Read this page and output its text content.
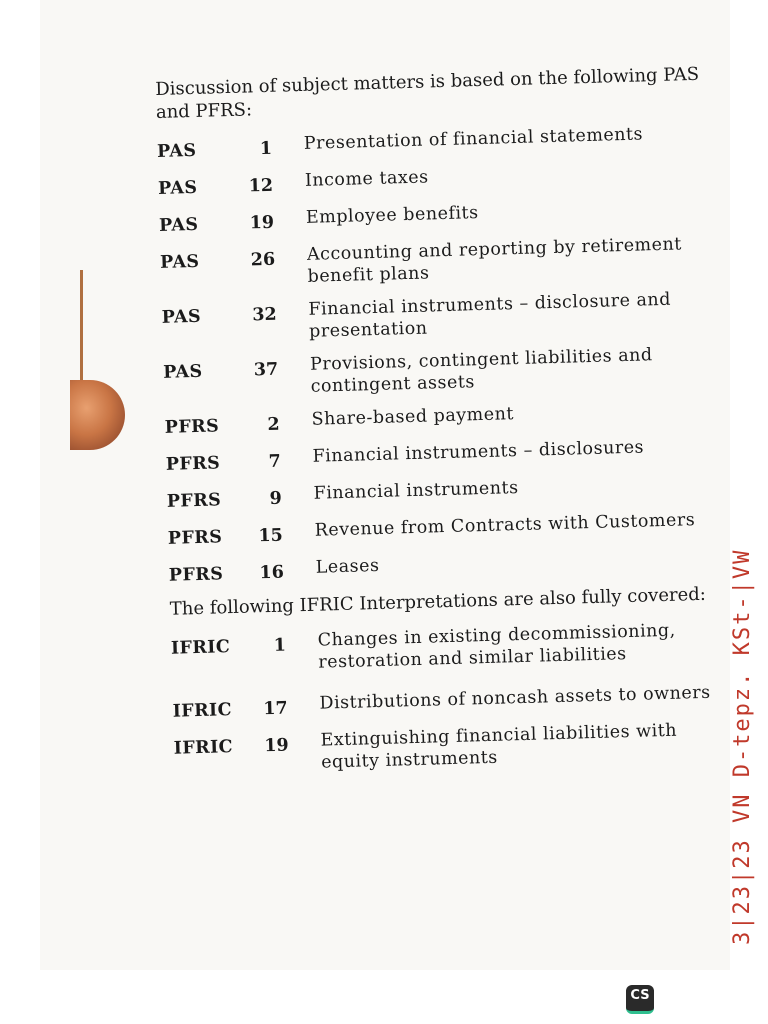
Discussion of subject matters is based on the following PAS and PFRS:

PAS	1 Presentation of financial statements
PAS	12 Income taxes
PAS	19 Employee benefits
PAS	26 Accounting and reporting by retirement benefit plans
PAS	32 Financial instruments – disclosure and presentation
PAS	37 Provisions, contingent liabilities and contingent assets
PFRS	2 Share-based payment
PFRS	7 Financial instruments – disclosures
PFRS	9 Financial instruments
PFRS	15 Revenue from Contracts with Customers
PFRS	16 Leases

The following IFRIC Interpretations are also fully covered:

IFRIC	1 Changes in existing decommissioning, restoration and similar liabilities
IFRIC	17 Distributions of noncash assets to owners
IFRIC	19 Extinguishing financial liabilities with equity instruments	3|23|23 VN D-tepz. KSt-|VW
CS
